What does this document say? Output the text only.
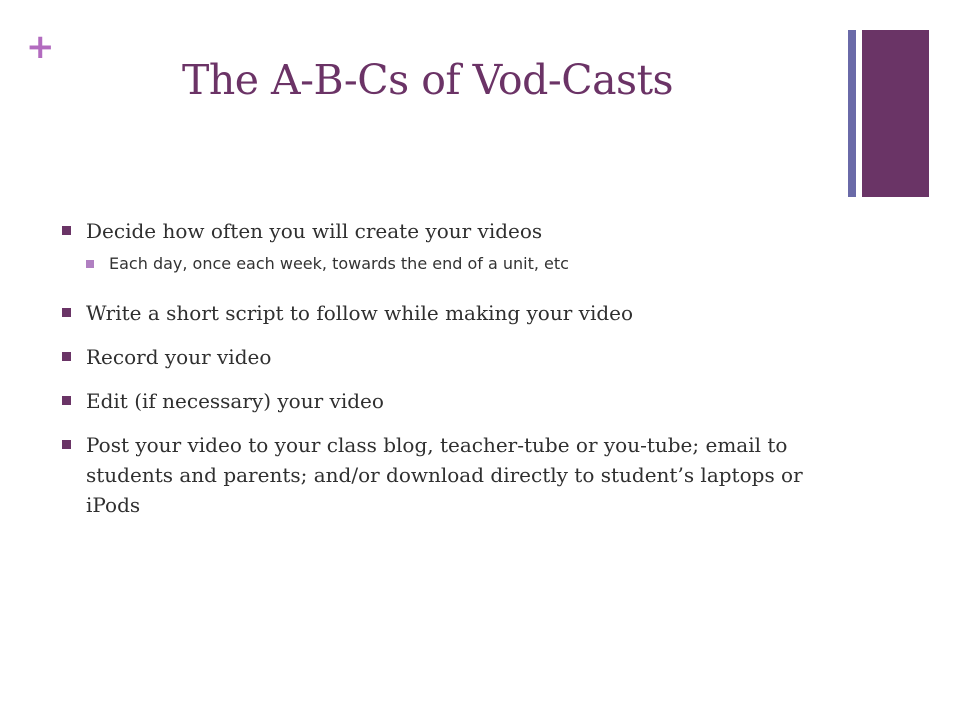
+
The A-B-Cs of Vod-Casts
Decide how often you will create your videos
Each day, once each week, towards the end of a unit, etc
Write a short script to follow while making your video
Record your video
Edit (if necessary) your video
Post your video to your class blog, teacher-tube or you-tube; email to students and parents; and/or download directly to student’s laptops or iPods
